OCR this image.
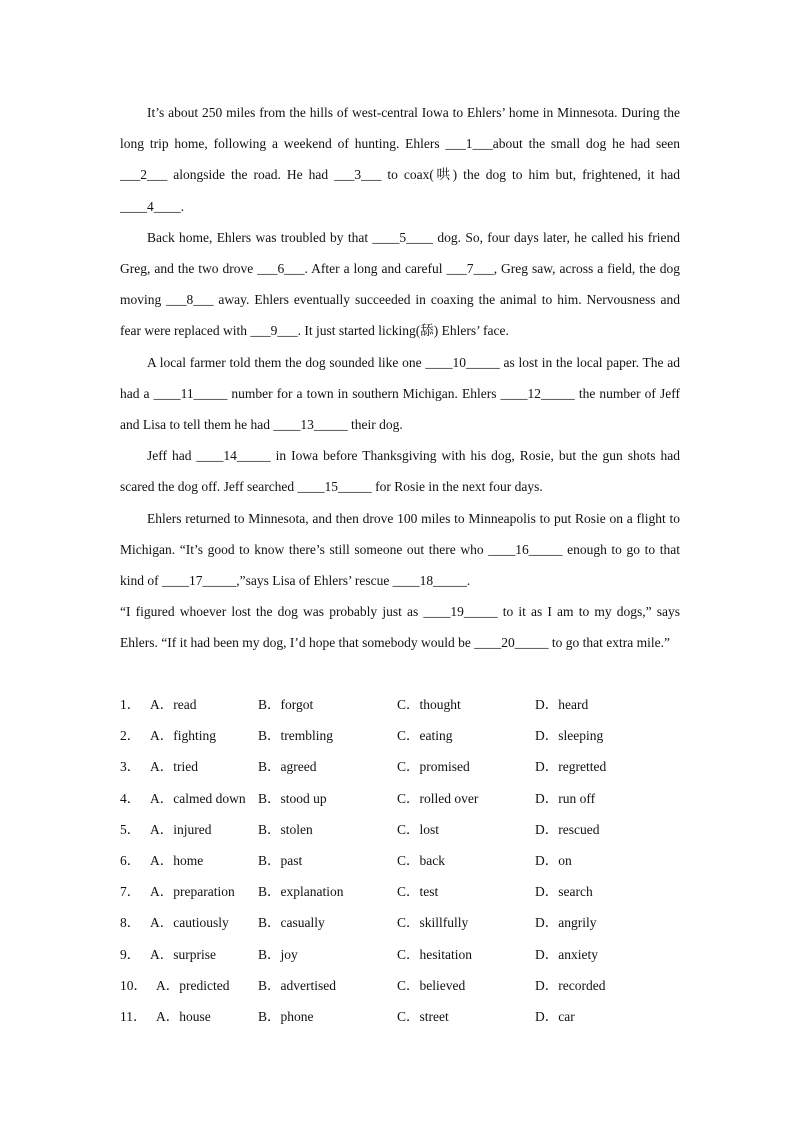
It’s about 250 miles from the hills of west-central Iowa to Ehlers’ home in Minnesota. During the long trip home, following a weekend of hunting. Ehlers ___1___about the small dog he had seen ___2___ alongside the road. He had ___3___ to coax(哄) the dog to him but, frightened, it had ____4____.

Back home, Ehlers was troubled by that ____5____ dog. So, four days later, he called his friend Greg, and the two drove ___6___. After a long and careful ___7___, Greg saw, across a field, the dog moving ___8___ away. Ehlers eventually succeeded in coaxing the animal to him. Nervousness and fear were replaced with ___9___. It just started licking(舔) Ehlers’ face.

A local farmer told them the dog sounded like one ____10_____ as lost in the local paper. The ad had a ____11_____ number for a town in southern Michigan. Ehlers ____12_____ the number of Jeff and Lisa to tell them he had ____13_____ their dog.

Jeff had ____14_____ in Iowa before Thanksgiving with his dog, Rosie, but the gun shots had scared the dog off. Jeff searched ____15_____ for Rosie in the next four days.

Ehlers returned to Minnesota, and then drove 100 miles to Minneapolis to put Rosie on a flight to Michigan. “It’s good to know there’s still someone out there who ____16_____ enough to go to that kind of ____17_____,”says Lisa of Ehlers’ rescue ____18_____.

“I figured whoever lost the dog was probably just as ____19_____ to it as I am to my dogs,” says Ehlers. “If it had been my dog, I’d hope that somebody would be ____20_____ to go that extra mile.”

1． A．read	B．forgot	C．thought	D．heard
2． A．fighting	B．trembling	C．eating	D．sleeping
3． A．tried	B．agreed	C．promised	D．regretted
4． A．calmed down B．stood up	C．rolled over	D．run off
5． A．injured	B．stolen	C．lost	D．rescued
6． A．home	B．past	C．back	D．on
7． A．preparation B．explanation	C．test	D．search
8． A．cautiously B．casually	C．skillfully	D．angrily
9． A．surprise	B．joy	C．hesitation	D．anxiety
10． A．predicted B．advertised	C．believed	D．recorded
11． A．house	B．phone	C．street	D．car
